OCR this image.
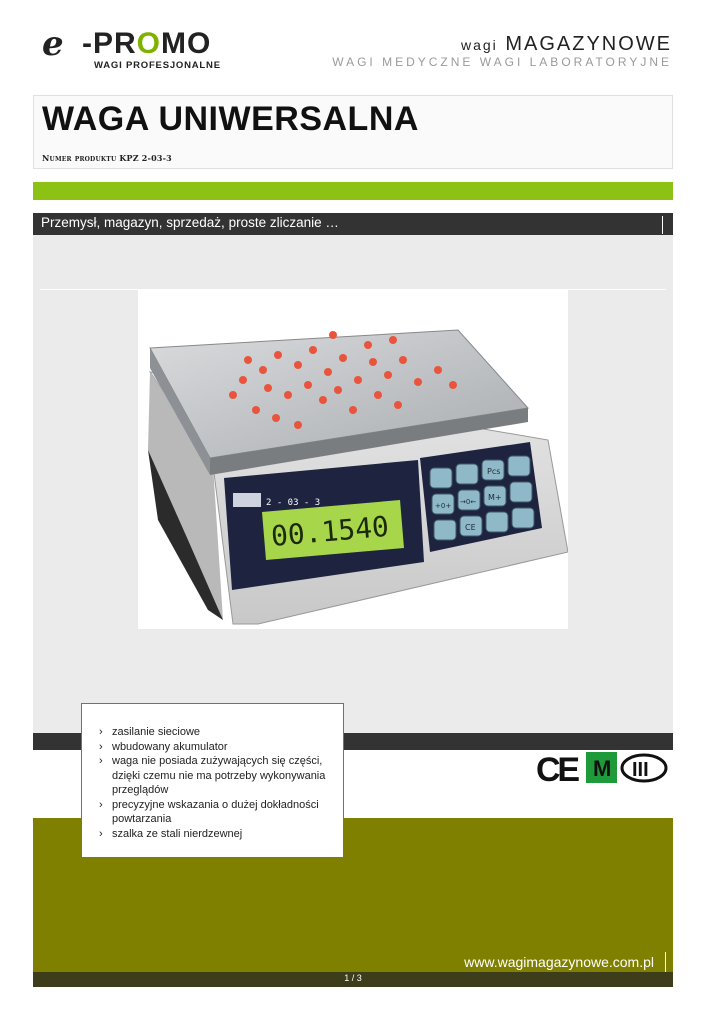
e -PROMO
WAGI PROFESJONALNE
wagi MAGAZYNOWE
WAGI MEDYCZNE WAGI LABORATORYJNE
WAGA UNIWERSALNA
Numer produktu KPZ 2-03-3
Przemysł, magazyn, sprzedaż, proste zliczanie …
2 - 03 - 3
00.1540
Pcs
+0+ →0← M+
CE
› zasilanie sieciowe
› wbudowany akumulator
› waga nie posiada zużywających się części, dzięki czemu nie ma potrzeby wykonywania przeglądów
› precyzyjne wskazania o dużej dokładności powtarzania
› szalka ze stali nierdzewnej
CE M III
www.wagimagazynowe.com.pl
1 / 3
